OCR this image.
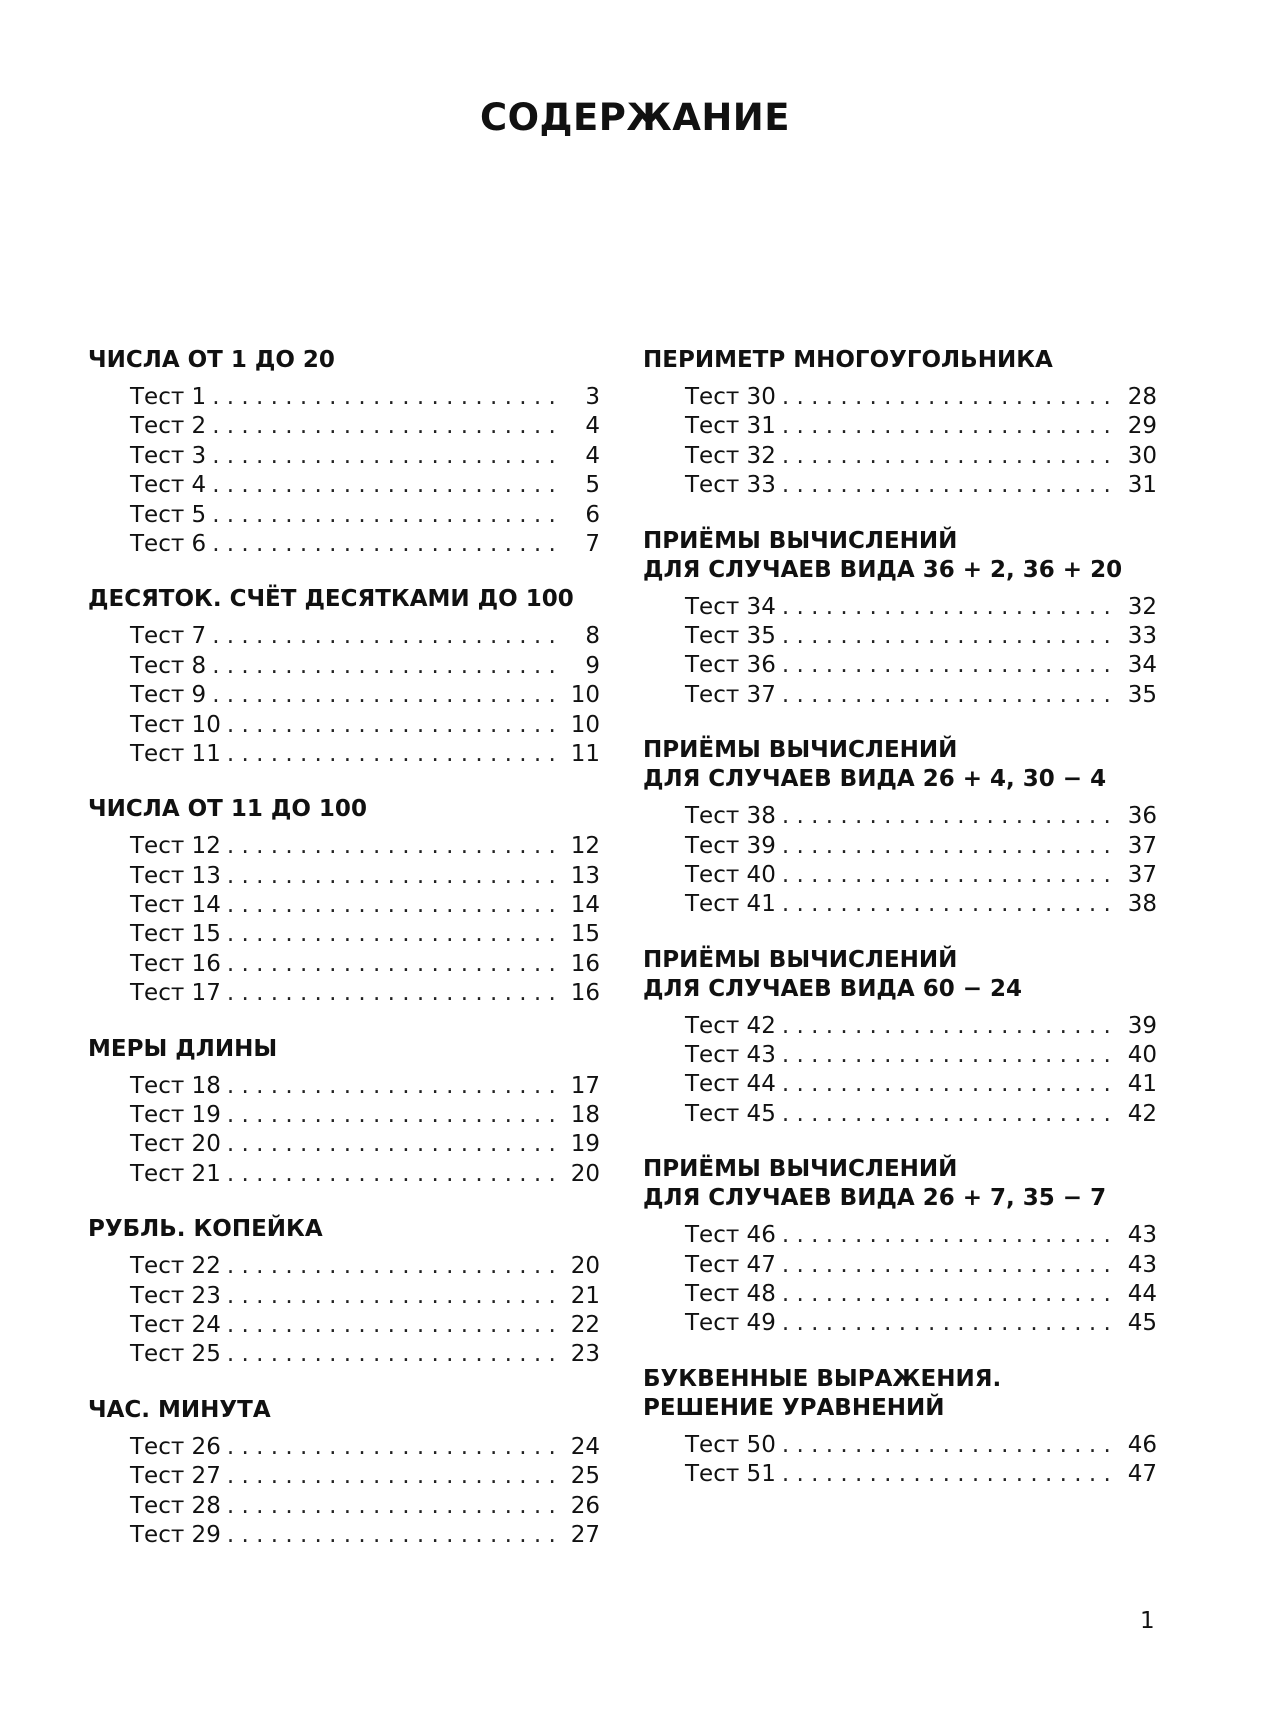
СОДЕРЖАНИЕ
ЧИСЛА ОТ 1 ДО 20
Тест 1 . . .	3
Тест 2 . . .	4
Тест 3 . . .	4
Тест 4 . . .	5
Тест 5 . . .	6
Тест 6 . . .	7
ДЕСЯТОК. СЧЁТ ДЕСЯТКАМИ ДО 100
Тест 7 . . .	8
Тест 8 . . .	9
Тест 9 . . .	10
Тест 10 . . .	10
Тест 11 . . .	11
ЧИСЛА ОТ 11 ДО 100
Тест 12 . . .	12
Тест 13 . . .	13
Тест 14 . . .	14
Тест 15 . . .	15
Тест 16 . . .	16
Тест 17 . . .	16
МЕРЫ ДЛИНЫ
Тест 18 . . .	17
Тест 19 . . .	18
Тест 20 . . .	19
Тест 21 . . .	20
РУБЛЬ. КОПЕЙКА
Тест 22 . . .	20
Тест 23 . . .	21
Тест 24 . . .	22
Тест 25 . . .	23
ЧАС. МИНУТА
Тест 26 . . .	24
Тест 27 . . .	25
Тест 28 . . .	26
Тест 29 . . .	27
ПЕРИМЕТР МНОГОУГОЛЬНИКА
Тест 30 . . .	28
Тест 31 . . .	29
Тест 32 . . .	30
Тест 33 . . .	31
ПРИЁМЫ ВЫЧИСЛЕНИЙ
ДЛЯ СЛУЧАЕВ ВИДА 36 + 2, 36 + 20
Тест 34 . . .	32
Тест 35 . . .	33
Тест 36 . . .	34
Тест 37 . . .	35
ПРИЁМЫ ВЫЧИСЛЕНИЙ
ДЛЯ СЛУЧАЕВ ВИДА 26 + 4, 30 − 4
Тест 38 . . .	36
Тест 39 . . .	37
Тест 40 . . .	37
Тест 41 . . .	38
ПРИЁМЫ ВЫЧИСЛЕНИЙ
ДЛЯ СЛУЧАЕВ ВИДА 60 − 24
Тест 42 . . .	39
Тест 43 . . .	40
Тест 44 . . .	41
Тест 45 . . .	42
ПРИЁМЫ ВЫЧИСЛЕНИЙ
ДЛЯ СЛУЧАЕВ ВИДА 26 + 7, 35 − 7
Тест 46 . . .	43
Тест 47 . . .	43
Тест 48 . . .	44
Тест 49 . . .	45
БУКВЕННЫЕ ВЫРАЖЕНИЯ.
РЕШЕНИЕ УРАВНЕНИЙ
Тест 50 . . .	46
Тест 51 . . .	47
1
